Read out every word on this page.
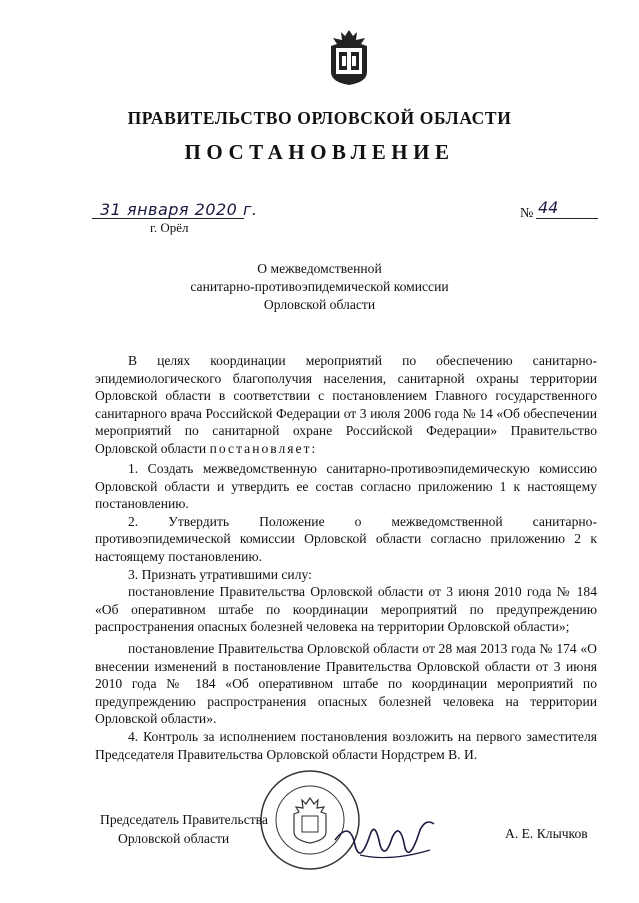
ПРАВИТЕЛЬСТВО ОРЛОВСКОЙ ОБЛАСТИ
ПОСТАНОВЛЕНИЕ
31 января 2020 г.
г. Орёл
№ 44
О межведомственной
санитарно-противоэпидемической комиссии
Орловской области

В целях координации мероприятий по обеспечению санитарно-эпидемиологического благополучия населения, санитарной охраны территории Орловской области в соответствии с постановлением Главного государственного санитарного врача Российской Федерации от 3 июля 2006 года № 14 «Об обеспечении мероприятий по санитарной охране Российской Федерации» Правительство Орловской области постановляет:

1. Создать межведомственную санитарно-противоэпидемическую комиссию Орловской области и утвердить ее состав согласно приложению 1 к настоящему постановлению.

2. Утвердить Положение о межведомственной санитарно-противоэпидемической комиссии Орловской области согласно приложению 2 к настоящему постановлению.

3. Признать утратившими силу:

постановление Правительства Орловской области от 3 июня 2010 года № 184 «Об оперативном штабе по координации мероприятий по предупреждению распространения опасных болезней человека на территории Орловской области»;

постановление Правительства Орловской области от 28 мая 2013 года № 174 «О внесении изменений в постановление Правительства Орловской области от 3 июня 2010 года № 184 «Об оперативном штабе по координации мероприятий по предупреждению распространения опасных болезней человека на территории Орловской области».

4. Контроль за исполнением постановления возложить на первого заместителя Председателя Правительства Орловской области Нордстрем В. И.

Председатель Правительства
Орловской области	А. Е. Клычков
